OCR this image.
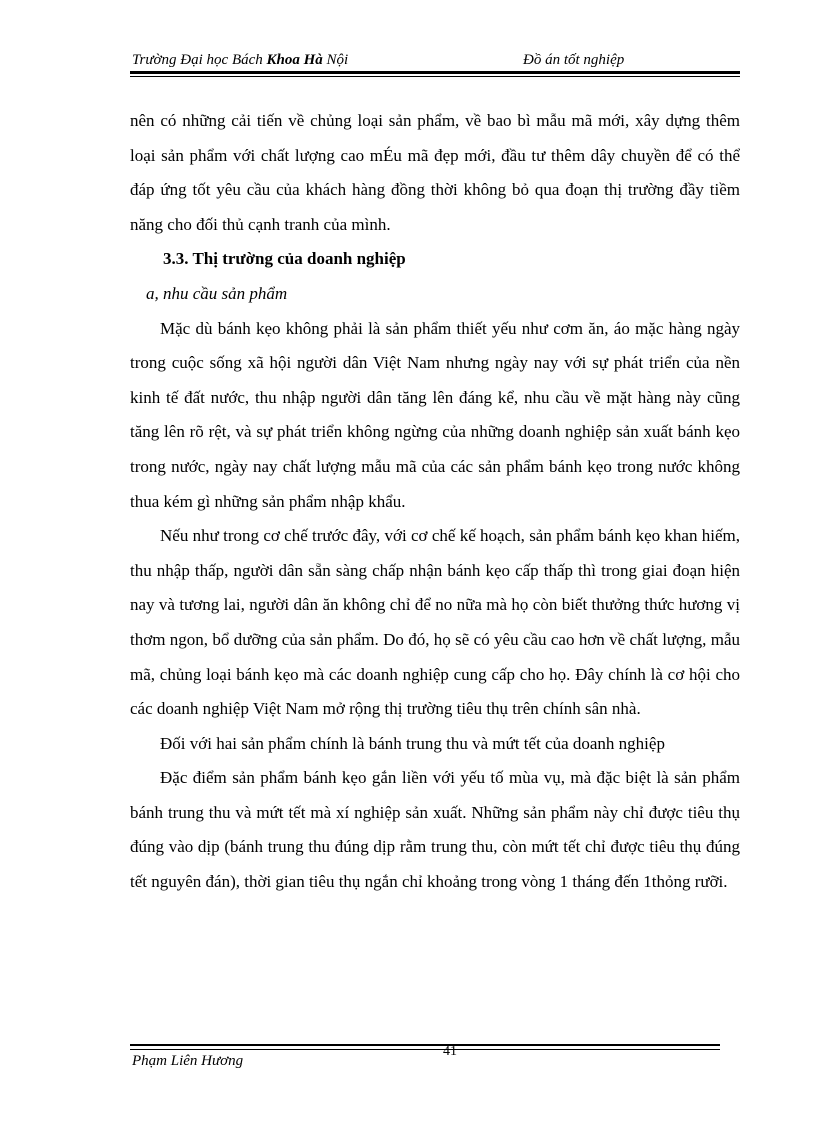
Trường Đại học Bách Khoa Hà Nội	Đồ án tốt nghiệp

nên có những cải tiến về chủng loại sản phẩm, về bao bì mẫu mã mới, xây dựng thêm loại sản phẩm với chất lượng cao mÉu mã đẹp mới, đầu tư thêm dây chuyền để có thể đáp ứng tốt yêu cầu của khách hàng đồng thời không bỏ qua đoạn thị trường đầy tiềm năng cho đối thủ cạnh tranh của mình.

3.3. Thị trường của doanh nghiệp

a, nhu cầu sản phẩm

Mặc dù bánh kẹo không phải là sản phẩm thiết yếu như cơm ăn, áo mặc hàng ngày trong cuộc sống xã hội người dân Việt Nam nhưng ngày nay với sự phát triển của nền kinh tế đất nước, thu nhập người dân tăng lên đáng kể, nhu cầu về mặt hàng này cũng tăng lên rõ rệt, và sự phát triển không ngừng của những doanh nghiệp sản xuất bánh kẹo trong nước, ngày nay chất lượng mẫu mã của các sản phẩm bánh kẹo trong nước không thua kém gì những sản phẩm nhập khẩu.

Nếu như trong cơ chế trước đây, với cơ chế kế hoạch, sản phẩm bánh kẹo khan hiếm, thu nhập thấp, người dân sẵn sàng chấp nhận bánh kẹo cấp thấp thì trong giai đoạn hiện nay và tương lai, người dân ăn không chỉ để no nữa mà họ còn biết thưởng thức hương vị thơm ngon, bổ dưỡng của sản phẩm. Do đó, họ sẽ có yêu cầu cao hơn về chất lượng, mẫu mã, chủng loại bánh kẹo mà các doanh nghiệp cung cấp cho họ. Đây chính là cơ hội cho các doanh nghiệp Việt Nam mở rộng thị trường tiêu thụ trên chính sân nhà.

Đối với hai sản phẩm chính là bánh trung thu và mứt tết của doanh nghiệp

Đặc điểm sản phẩm bánh kẹo gắn liền với yếu tố mùa vụ, mà đặc biệt là sản phẩm bánh trung thu và mứt tết mà xí nghiệp sản xuất. Những sản phẩm này chỉ được tiêu thụ đúng vào dịp (bánh trung thu đúng dịp rằm trung thu, còn mứt tết chỉ được tiêu thụ đúng tết nguyên đán), thời gian tiêu thụ ngắn chỉ khoảng trong vòng 1 tháng đến 1thỏng rưỡi.

41
Phạm Liên Hương
